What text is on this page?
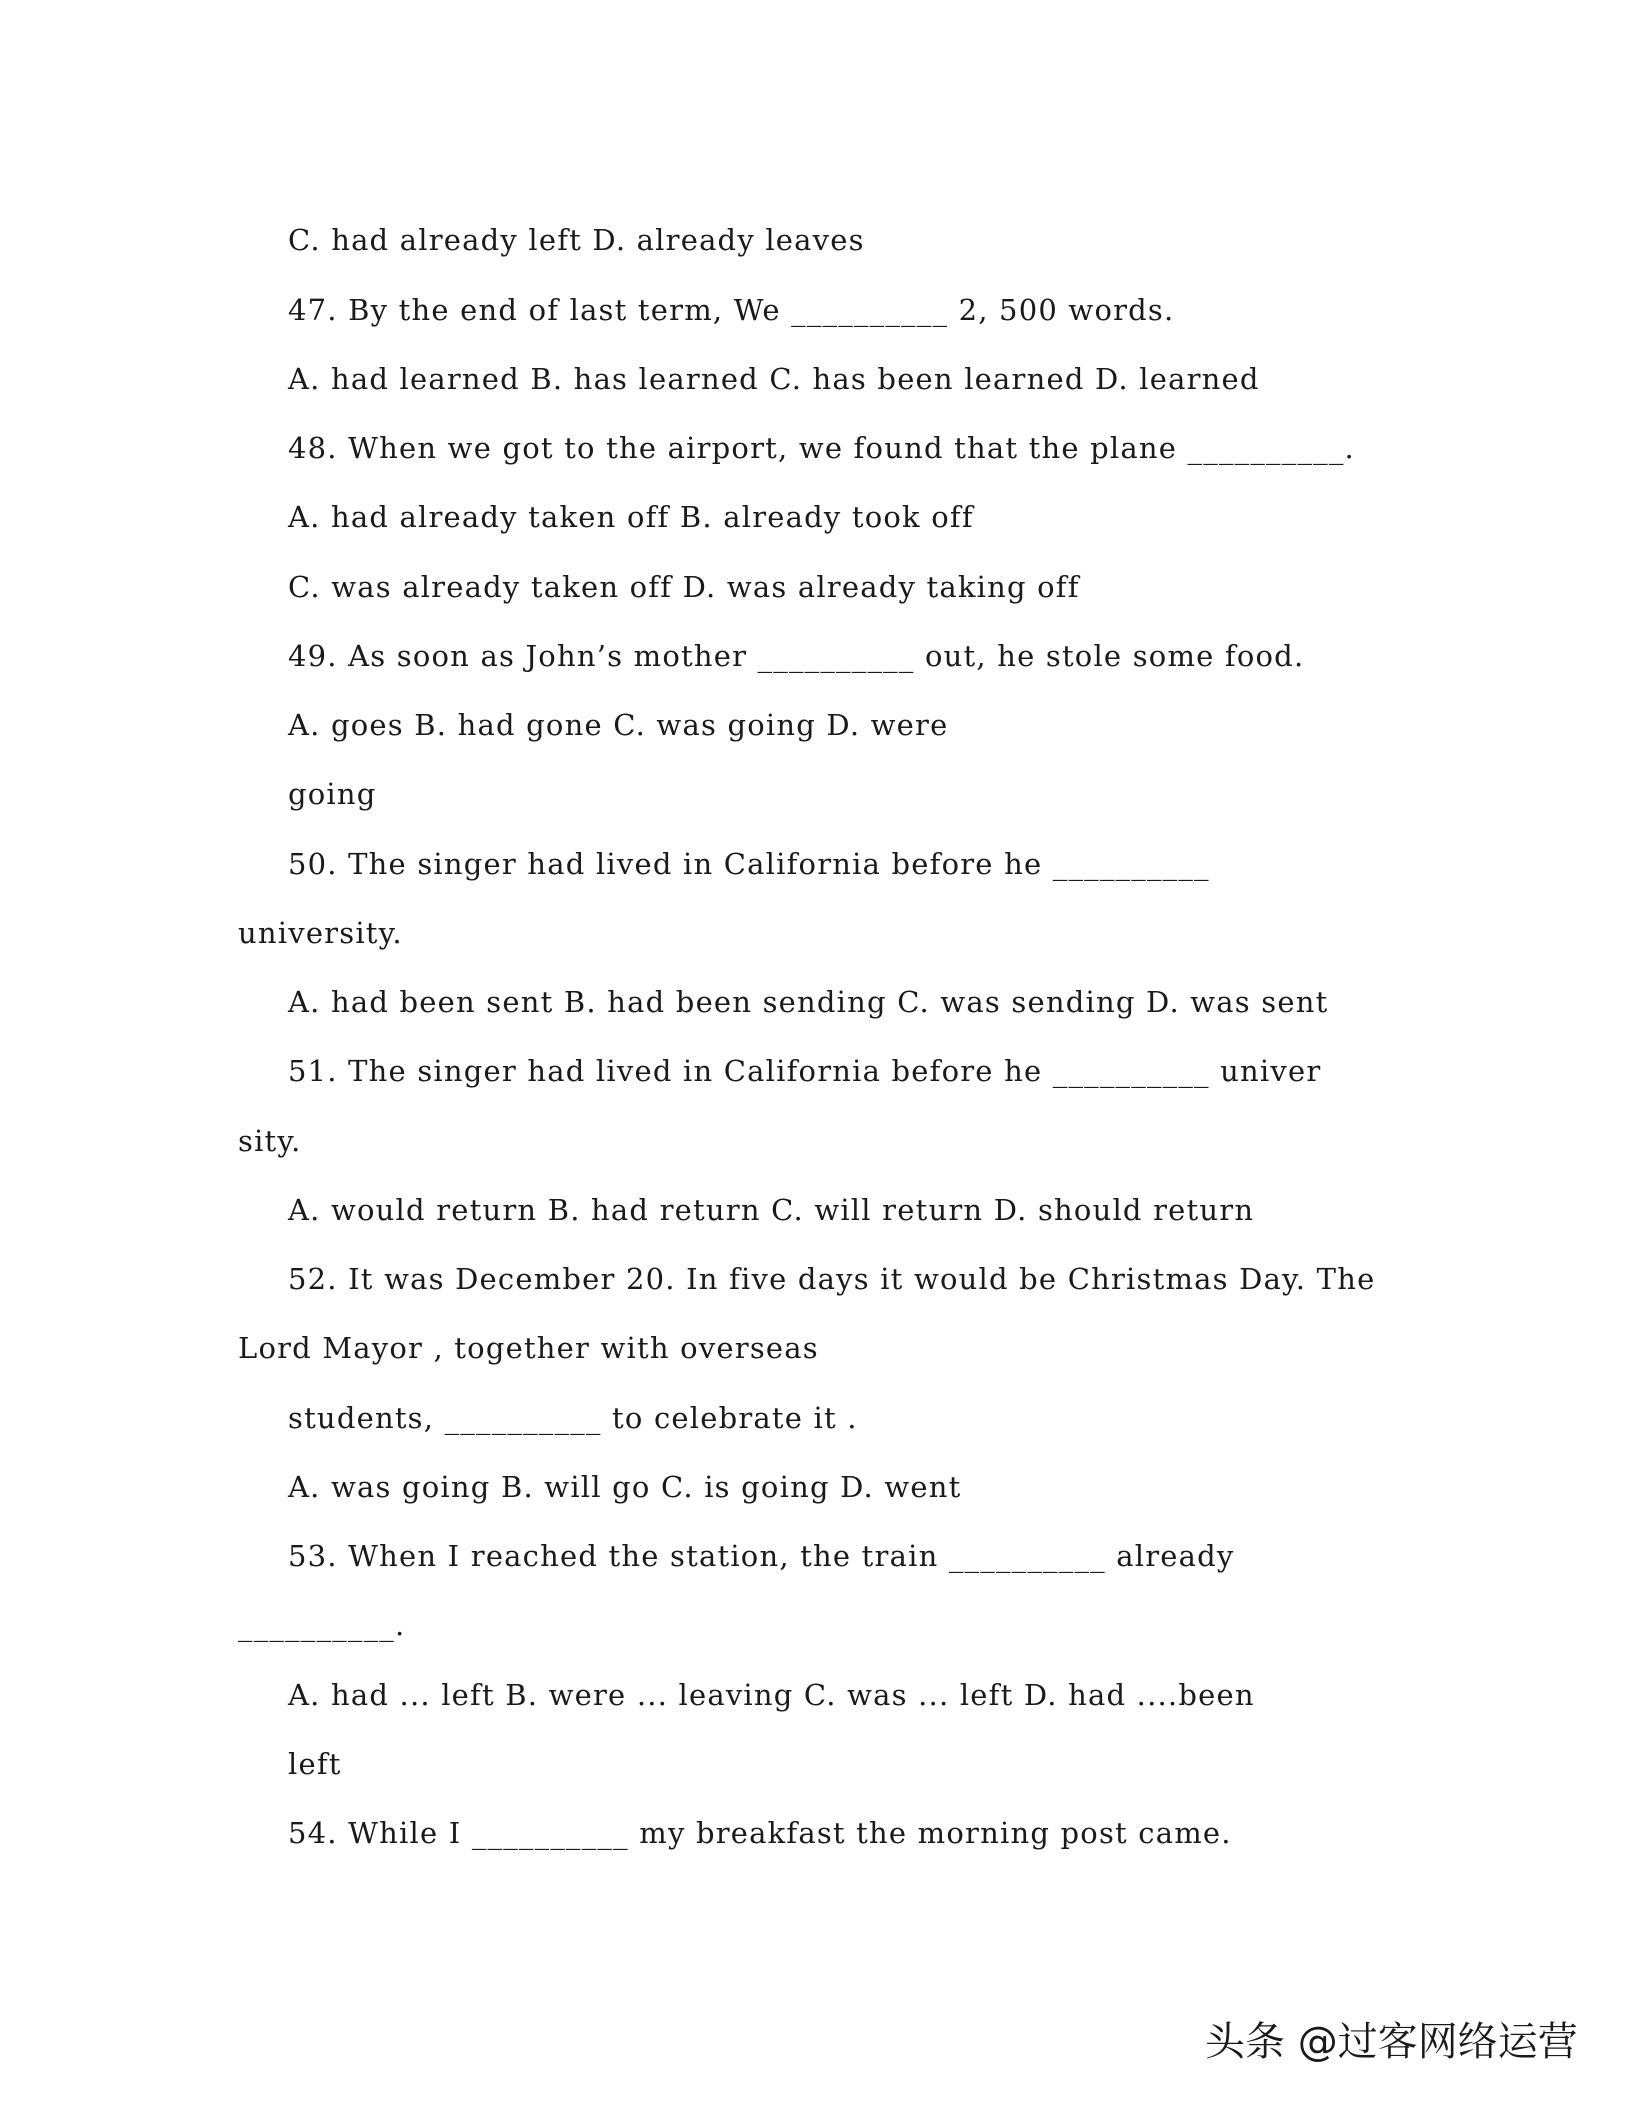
C. had already left D. already leaves
47. By the end of last term, We __________ 2, 500 words.
A. had learned B. has learned C. has been learned D. learned
48. When we got to the airport, we found that the plane __________.
A. had already taken off B. already took off
C. was already taken off D. was already taking off
49. As soon as John’s mother __________ out, he stole some food.
A. goes B. had gone C. was going D. were
going
50. The singer had lived in California before he __________
university.
A. had been sent B. had been sending C. was sending D. was sent
51. The singer had lived in California before he __________ univer
sity.
A. would return B. had return C. will return D. should return
52. It was December 20. In five days it would be Christmas Day. The
Lord Mayor , together with overseas
students, __________ to celebrate it .
A. was going B. will go C. is going D. went
53. When I reached the station, the train __________ already
__________.
A. had ... left B. were ... leaving C. was ... left D. had ....been
left
54. While I __________ my breakfast the morning post came.
头条 @过客网络运营
